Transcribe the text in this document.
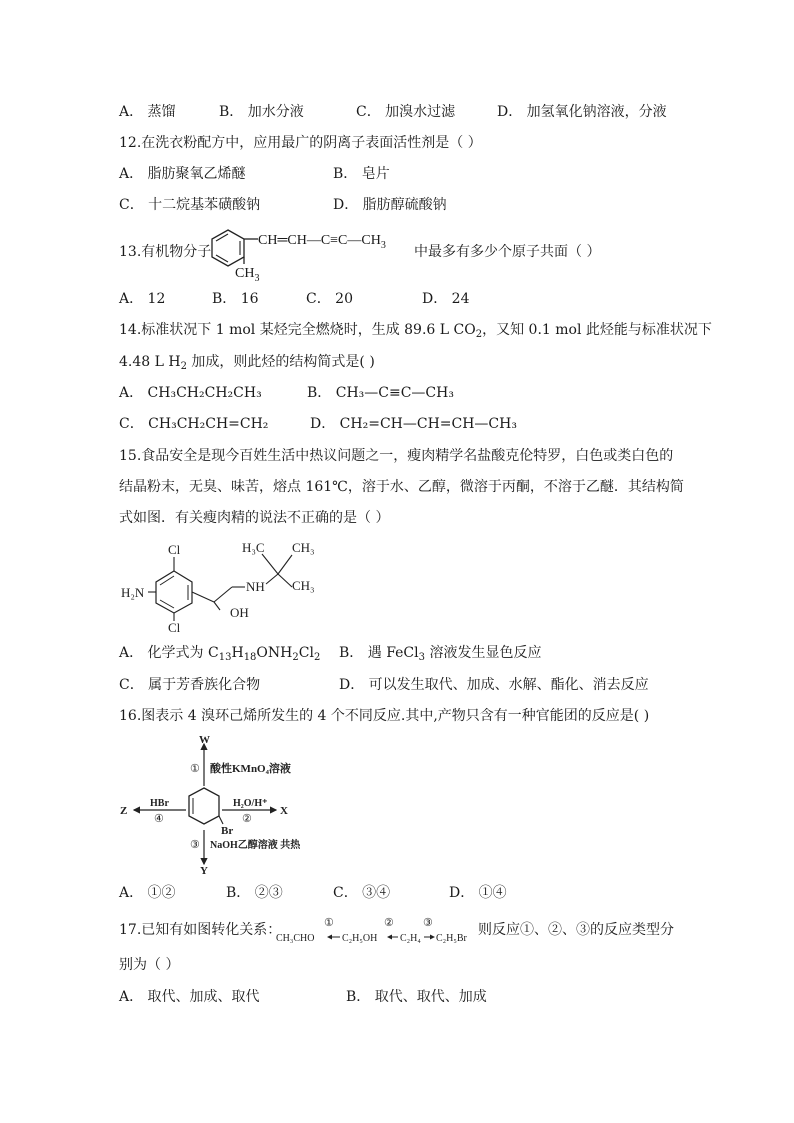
A． 蒸馏	B． 加水分液	C． 加溴水过滤	D． 加氢氧化钠溶液，分液
12.在洗衣粉配方中，应用最广的阴离子表面活性剂是（ ）
A． 脂肪聚氧乙烯醚	B． 皂片
C． 十二烷基苯磺酸钠	D． 脂肪醇硫酸钠
13.有机物分子
$CH═CH—C\equiv C—CH_3$
$CH_3$
中最多有多少个原子共面（ ）
A． 12	B． 16	C． 20	D． 24
14.标准状况下 1 mol 某烃完全燃烧时，生成 89.6 L $CO_2$，又知 0.1 mol 此烃能与标准状况下
4.48 L $H_2$ 加成，则此烃的结构简式是( )
A． CH₃CH₂CH₂CH₃	B． CH₃—C≡C—CH₃
C． CH₃CH₂CH=CH₂	D． CH₂=CH—CH=CH—CH₃
15.食品安全是现今百姓生活中热议问题之一，瘦肉精学名盐酸克伦特罗，白色或类白色的
结晶粉末，无臭、味苦，熔点 161℃，溶于水、乙醇，微溶于丙酮，不溶于乙醚．其结构简
式如图．有关瘦肉精的说法不正确的是（ ）
Cl
Cl
H₂N	NH
OH
H₃C CH₃
CH₃
A． 化学式为 $C_{13}H_{18}ONH_2Cl_2$ B． 遇 FeCl$_3$ 溶液发生显色反应
C． 属于芳香族化合物	D． 可以发生取代、加成、水解、酯化、消去反应
16.图表示 4 溴环己烯所发生的 4 个不同反应.其中,产物只含有一种官能团的反应是( )
Br
W
X
Y
Z
① 酸性KMnO₄溶液
H₂O/H⁺
②
③ NaOH乙醇溶液 共热
HBr
④
A． ①②	B． ②③	C． ③④	D． ①④
17.已知有如图转化关系：
CH₃CHO	C₂H₅OH C₂H₄ C₂H₅Br
①	②	③	则反应①、②、③的反应类型分
别为（ ）
A． 取代、加成、取代	B． 取代、取代、加成
